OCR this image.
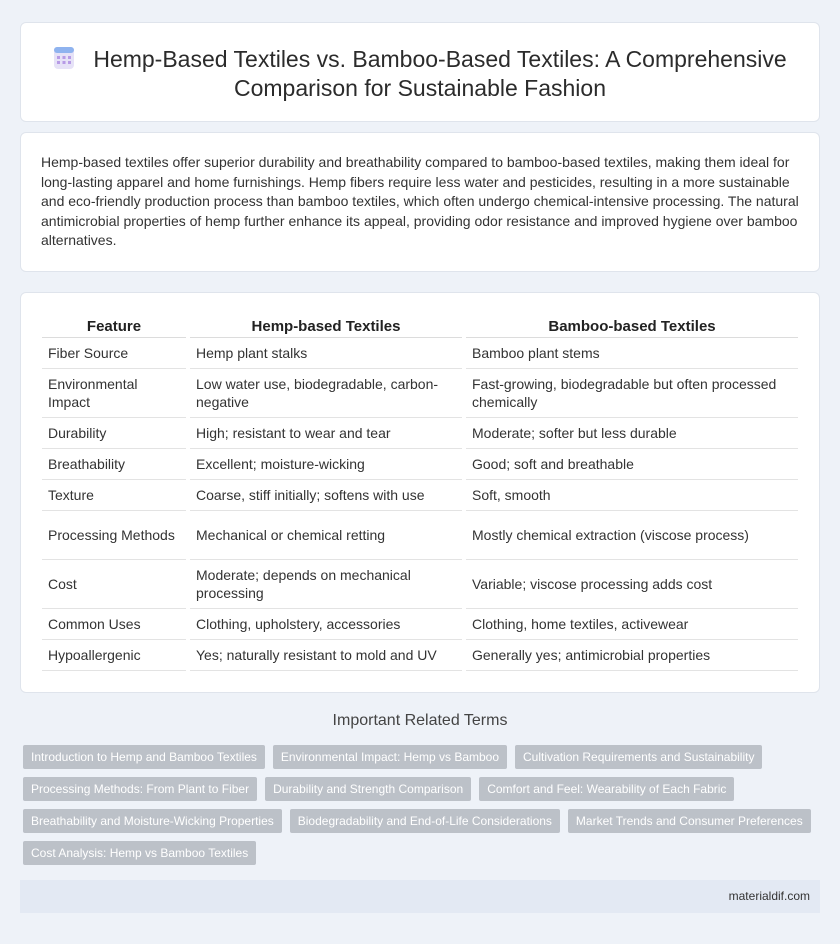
Hemp-Based Textiles vs. Bamboo-Based Textiles: A Comprehensive Comparison for Sustainable Fashion

Hemp-based textiles offer superior durability and breathability compared to bamboo-based textiles, making them ideal for long-lasting apparel and home furnishings. Hemp fibers require less water and pesticides, resulting in a more sustainable and eco-friendly production process than bamboo textiles, which often undergo chemical-intensive processing. The natural antimicrobial properties of hemp further enhance its appeal, providing odor resistance and improved hygiene over bamboo alternatives.

Feature	Hemp-based Textiles	Bamboo-based Textiles
Fiber Source	Hemp plant stalks	Bamboo plant stems
Environmental Impact	Low water use, biodegradable, carbon-negative	Fast-growing, biodegradable but often processed chemically
Durability	High; resistant to wear and tear	Moderate; softer but less durable
Breathability	Excellent; moisture-wicking	Good; soft and breathable
Texture	Coarse, stiff initially; softens with use	Soft, smooth
Processing Methods	Mechanical or chemical retting	Mostly chemical extraction (viscose process)
Cost	Moderate; depends on mechanical processing	Variable; viscose processing adds cost
Common Uses	Clothing, upholstery, accessories	Clothing, home textiles, activewear
Hypoallergenic	Yes; naturally resistant to mold and UV	Generally yes; antimicrobial properties
Important Related Terms
Introduction to Hemp and Bamboo Textiles	Environmental Impact: Hemp vs Bamboo	Cultivation Requirements and Sustainability
Processing Methods: From Plant to Fiber	Durability and Strength Comparison	Comfort and Feel: Wearability of Each Fabric
Breathability and Moisture-Wicking Properties	Biodegradability and End-of-Life Considerations	Market Trends and Consumer Preferences
Cost Analysis: Hemp vs Bamboo Textiles
materialdif.com
